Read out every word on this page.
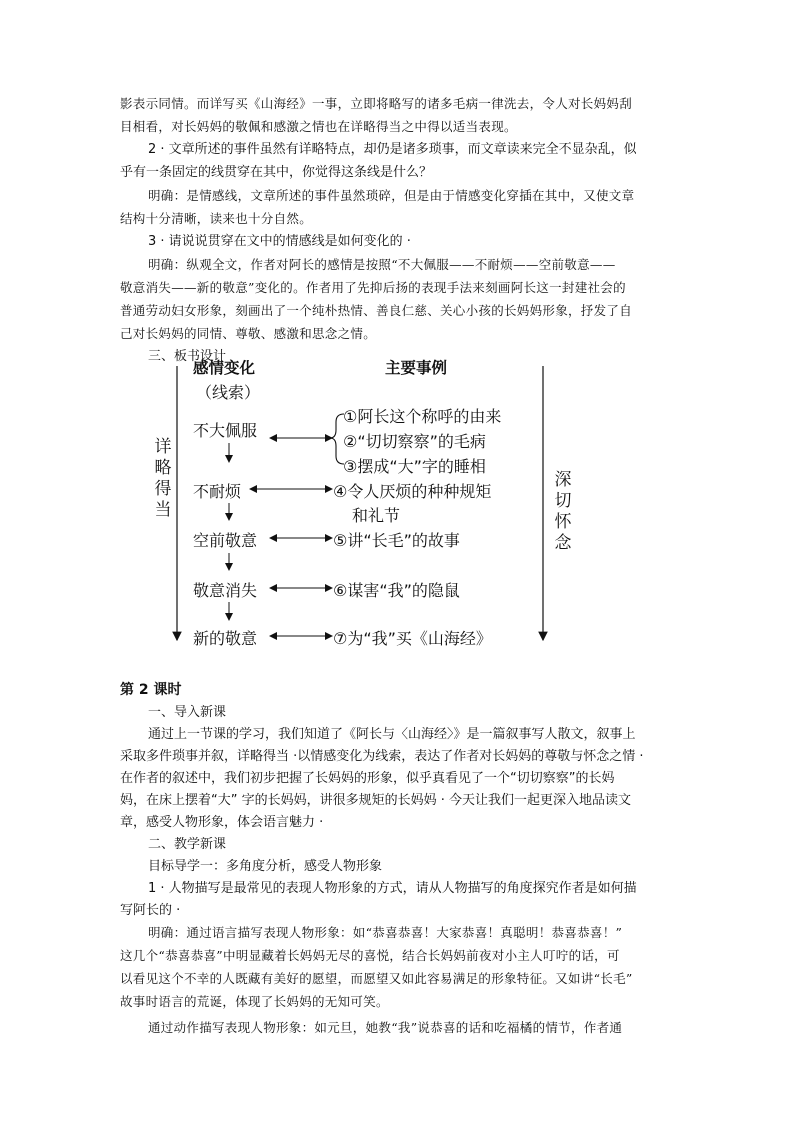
影表示同情。而详写买《山海经》一事，立即将略写的诸多毛病一律洗去，令人对长妈妈刮

目相看，对长妈妈的敬佩和感激之情也在详略得当之中得以适当表现。

2 · 文章所述的事件虽然有详略特点，却仍是诸多琐事，而文章读来完全不显杂乱，似

乎有一条固定的线贯穿在其中，你觉得这条线是什么？

明确：是情感线，文章所述的事件虽然琐碎，但是由于情感变化穿插在其中，又使文章

结构十分清晰，读来也十分自然。

3 · 请说说贯穿在文中的情感线是如何变化的 ·

明确：纵观全文，作者对阿长的感情是按照“不大佩服——不耐烦——空前敬意——

敬意消失——新的敬意”变化的。作者用了先抑后扬的表现手法来刻画阿长这一封建社会的

普通劳动妇女形象，刻画出了一个纯朴热情、善良仁慈、关心小孩的长妈妈形象，抒发了自

己对长妈妈的同情、尊敬、感激和思念之情。

三、板书设计

感情变化
（线索）
主要事例
详略得当
深切怀念
不大佩服
不耐烦
空前敬意
敬意消失
新的敬意
①阿长这个称呼的由来
②“切切察察”的毛病
③摆成“大”字的睡相
④令人厌烦的种种规矩
和礼节
⑤讲“长毛”的故事
⑥谋害“我”的隐鼠
⑦为“我”买《山海经》

第 2 课时

一、导入新课

通过上一节课的学习，我们知道了《阿长与〈山海经〉》是一篇叙事写人散文，叙事上

采取多件琐事并叙，详略得当 ·以情感变化为线索，表达了作者对长妈妈的尊敬与怀念之情 ·

在作者的叙述中，我们初步把握了长妈妈的形象，似乎真看见了一个“切切察察”的长妈

妈，在床上摆着“大” 字的长妈妈，讲很多规矩的长妈妈 · 今天让我们一起更深入地品读文

章，感受人物形象，体会语言魅力 ·

二、教学新课

目标导学一：多角度分析，感受人物形象

1 · 人物描写是最常见的表现人物形象的方式，请从人物描写的角度探究作者是如何描

写阿长的 ·

明确：通过语言描写表现人物形象：如“恭喜恭喜！大家恭喜！真聪明！恭喜恭喜！”

这几个“恭喜恭喜”中明显藏着长妈妈无尽的喜悦，结合长妈妈前夜对小主人叮咛的话，可

以看见这个不幸的人既藏有美好的愿望，而愿望又如此容易满足的形象特征。又如讲“长毛”

故事时语言的荒诞，体现了长妈妈的无知可笑。

通过动作描写表现人物形象：如元旦，她教“我”说恭喜的话和吃福橘的情节，作者通
